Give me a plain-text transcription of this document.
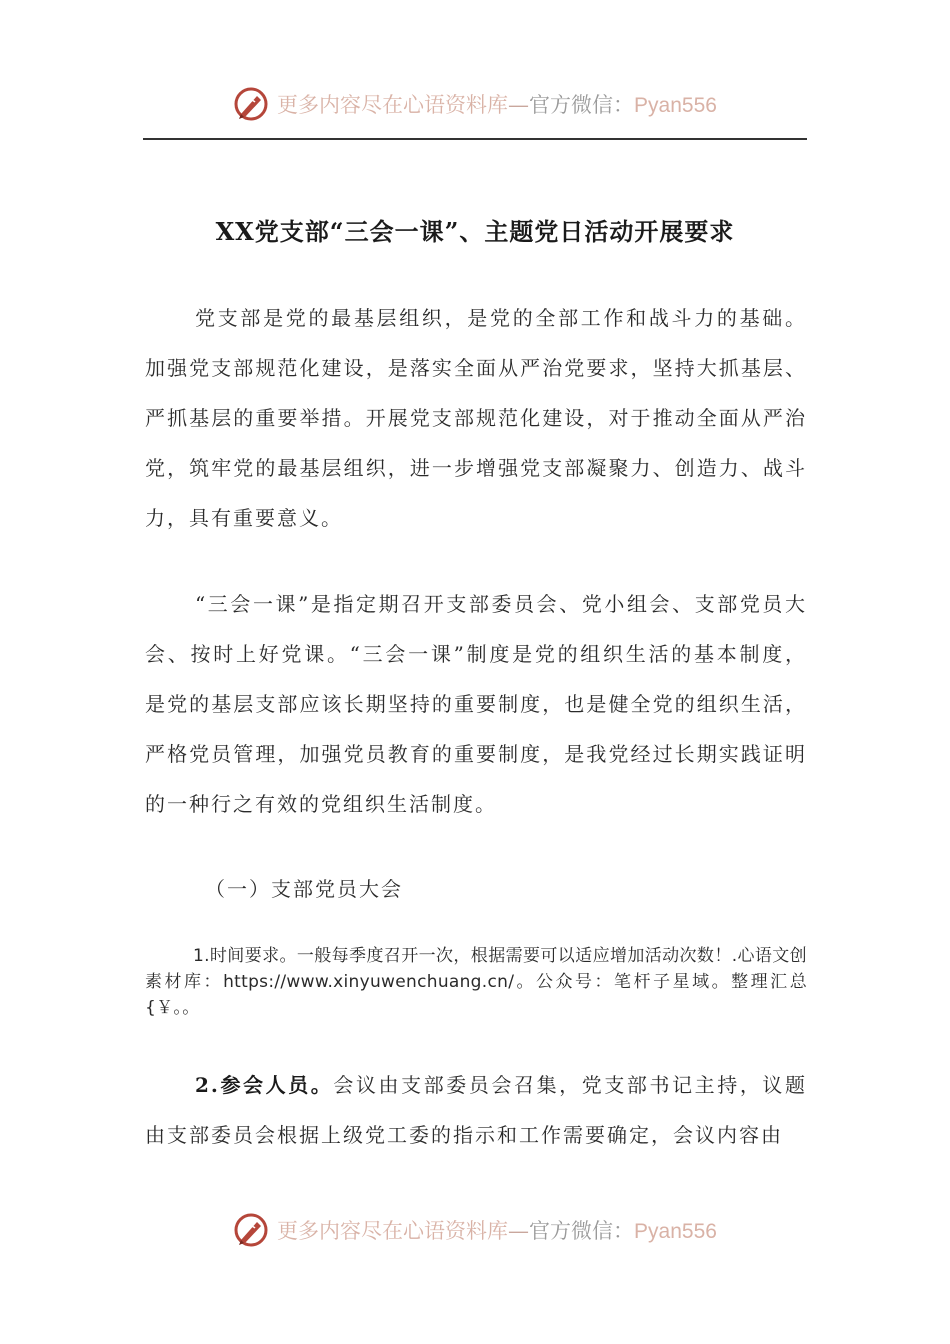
更多内容尽在心语资料库—官方微信：Pyan556
XX党支部“三会一课”、主题党日活动开展要求
党支部是党的最基层组织，是党的全部工作和战斗力的基础。加强党支部规范化建设，是落实全面从严治党要求，坚持大抓基层、严抓基层的重要举措。开展党支部规范化建设，对于推动全面从严治党，筑牢党的最基层组织，进一步增强党支部凝聚力、创造力、战斗力，具有重要意义。
“三会一课”是指定期召开支部委员会、党小组会、支部党员大会、按时上好党课。“三会一课”制度是党的组织生活的基本制度，是党的基层支部应该长期坚持的重要制度，也是健全党的组织生活，严格党员管理，加强党员教育的重要制度，是我党经过长期实践证明的一种行之有效的党组织生活制度。
（一）支部党员大会
1.时间要求。一般每季度召开一次，根据需要可以适应增加活动次数！.心语文创素材库：https://www.xinyuwenchuang.cn/。公众号：笔杆子星域。整理汇总{￥。。
2.参会人员。会议由支部委员会召集，党支部书记主持，议题由支部委员会根据上级党工委的指示和工作需要确定，会议内容由
更多内容尽在心语资料库—官方微信：Pyan556
